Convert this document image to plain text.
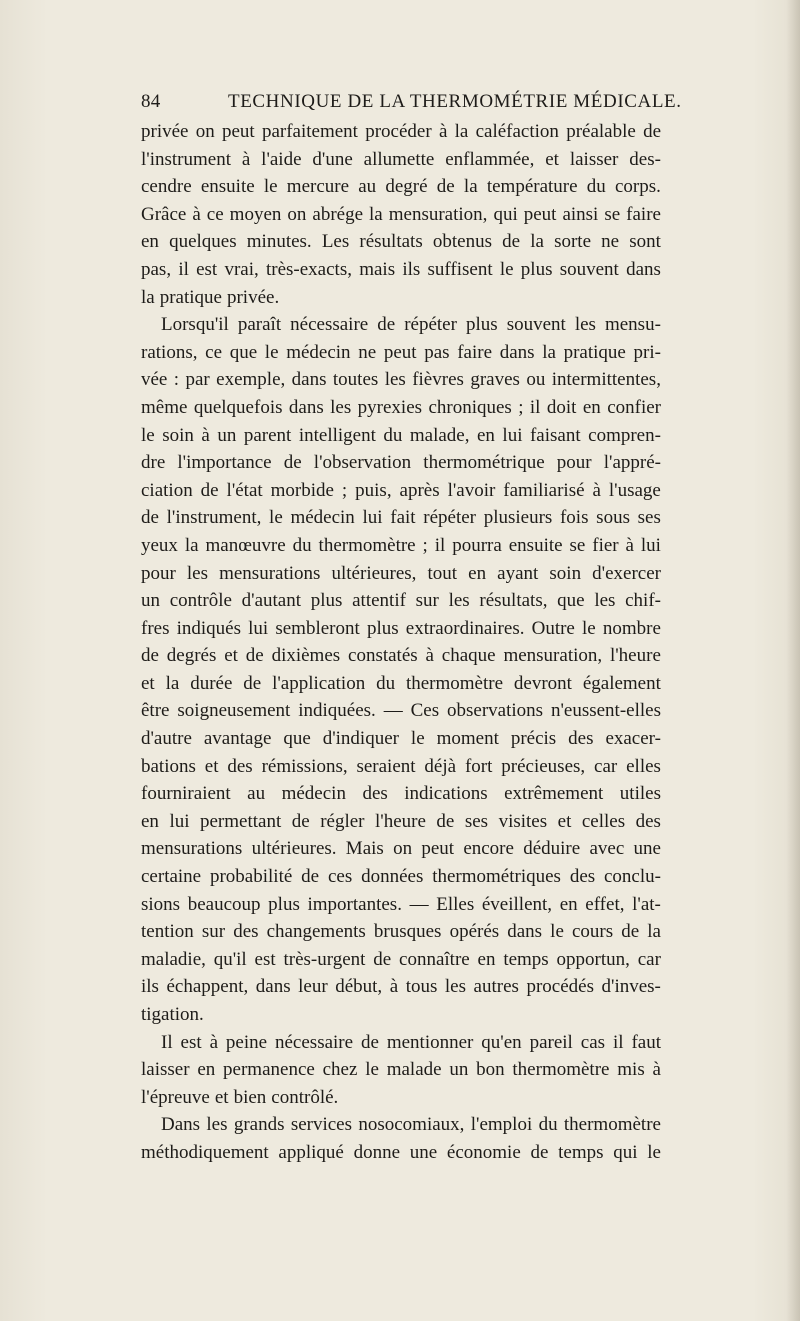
84	TECHNIQUE DE LA THERMOMÉTRIE MÉDICALE.
privée on peut parfaitement procéder à la caléfaction préalable de
l'instrument à l'aide d'une allumette enflammée, et laisser des-
cendre ensuite le mercure au degré de la température du corps.
Grâce à ce moyen on abrége la mensuration, qui peut ainsi se faire
en quelques minutes. Les résultats obtenus de la sorte ne sont
pas, il est vrai, très-exacts, mais ils suffisent le plus souvent dans
la pratique privée.
Lorsqu'il paraît nécessaire de répéter plus souvent les mensu-
rations, ce que le médecin ne peut pas faire dans la pratique pri-
vée : par exemple, dans toutes les fièvres graves ou intermittentes,
même quelquefois dans les pyrexies chroniques ; il doit en confier
le soin à un parent intelligent du malade, en lui faisant compren-
dre l'importance de l'observation thermométrique pour l'appré-
ciation de l'état morbide ; puis, après l'avoir familiarisé à l'usage
de l'instrument, le médecin lui fait répéter plusieurs fois sous ses
yeux la manœuvre du thermomètre ; il pourra ensuite se fier à lui
pour les mensurations ultérieures, tout en ayant soin d'exercer
un contrôle d'autant plus attentif sur les résultats, que les chif-
fres indiqués lui sembleront plus extraordinaires. Outre le nombre
de degrés et de dixièmes constatés à chaque mensuration, l'heure
et la durée de l'application du thermomètre devront également
être soigneusement indiquées. — Ces observations n'eussent-elles
d'autre avantage que d'indiquer le moment précis des exacer-
bations et des rémissions, seraient déjà fort précieuses, car elles
fourniraient au médecin des indications extrêmement utiles
en lui permettant de régler l'heure de ses visites et celles des
mensurations ultérieures. Mais on peut encore déduire avec une
certaine probabilité de ces données thermométriques des conclu-
sions beaucoup plus importantes. — Elles éveillent, en effet, l'at-
tention sur des changements brusques opérés dans le cours de la
maladie, qu'il est très-urgent de connaître en temps opportun, car
ils échappent, dans leur début, à tous les autres procédés d'inves-
tigation.
Il est à peine nécessaire de mentionner qu'en pareil cas il faut
laisser en permanence chez le malade un bon thermomètre mis à
l'épreuve et bien contrôlé.
Dans les grands services nosocomiaux, l'emploi du thermomètre
méthodiquement appliqué donne une économie de temps qui le
